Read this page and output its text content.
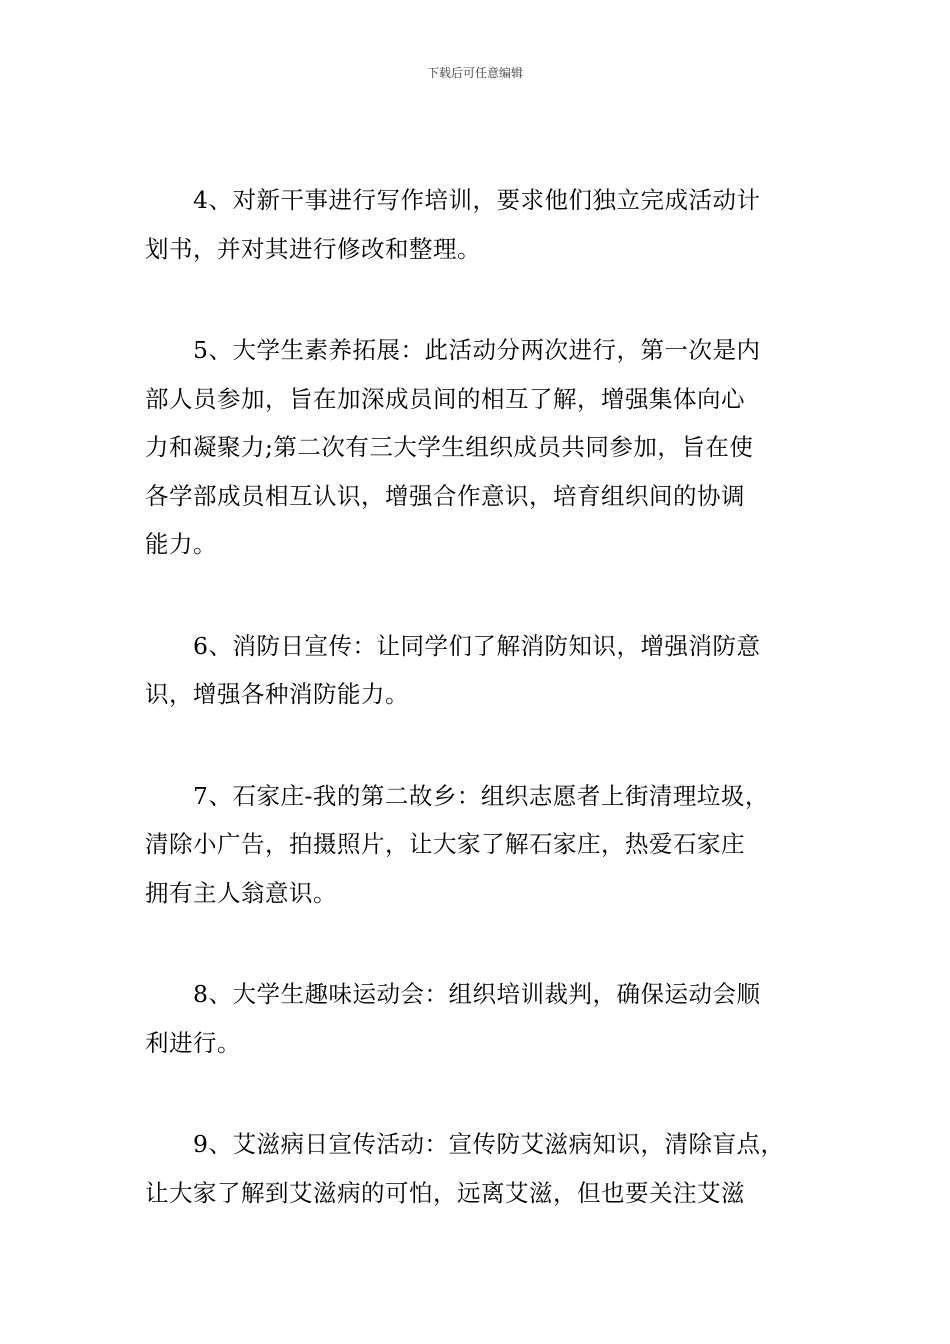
下载后可任意编辑
4、对新干事进行写作培训，要求他们独立完成活动计
划书，并对其进行修改和整理。
5、大学生素养拓展：此活动分两次进行，第一次是内
部人员参加，旨在加深成员间的相互了解，增强集体向心
力和凝聚力;第二次有三大学生组织成员共同参加，旨在使
各学部成员相互认识，增强合作意识，培育组织间的协调
能力。
6、消防日宣传：让同学们了解消防知识，增强消防意
识，增强各种消防能力。
7、石家庄-我的第二故乡：组织志愿者上街清理垃圾，
清除小广告，拍摄照片，让大家了解石家庄，热爱石家庄
拥有主人翁意识。
8、大学生趣味运动会：组织培训裁判，确保运动会顺
利进行。
9、艾滋病日宣传活动：宣传防艾滋病知识，清除盲点，
让大家了解到艾滋病的可怕，远离艾滋，但也要关注艾滋
